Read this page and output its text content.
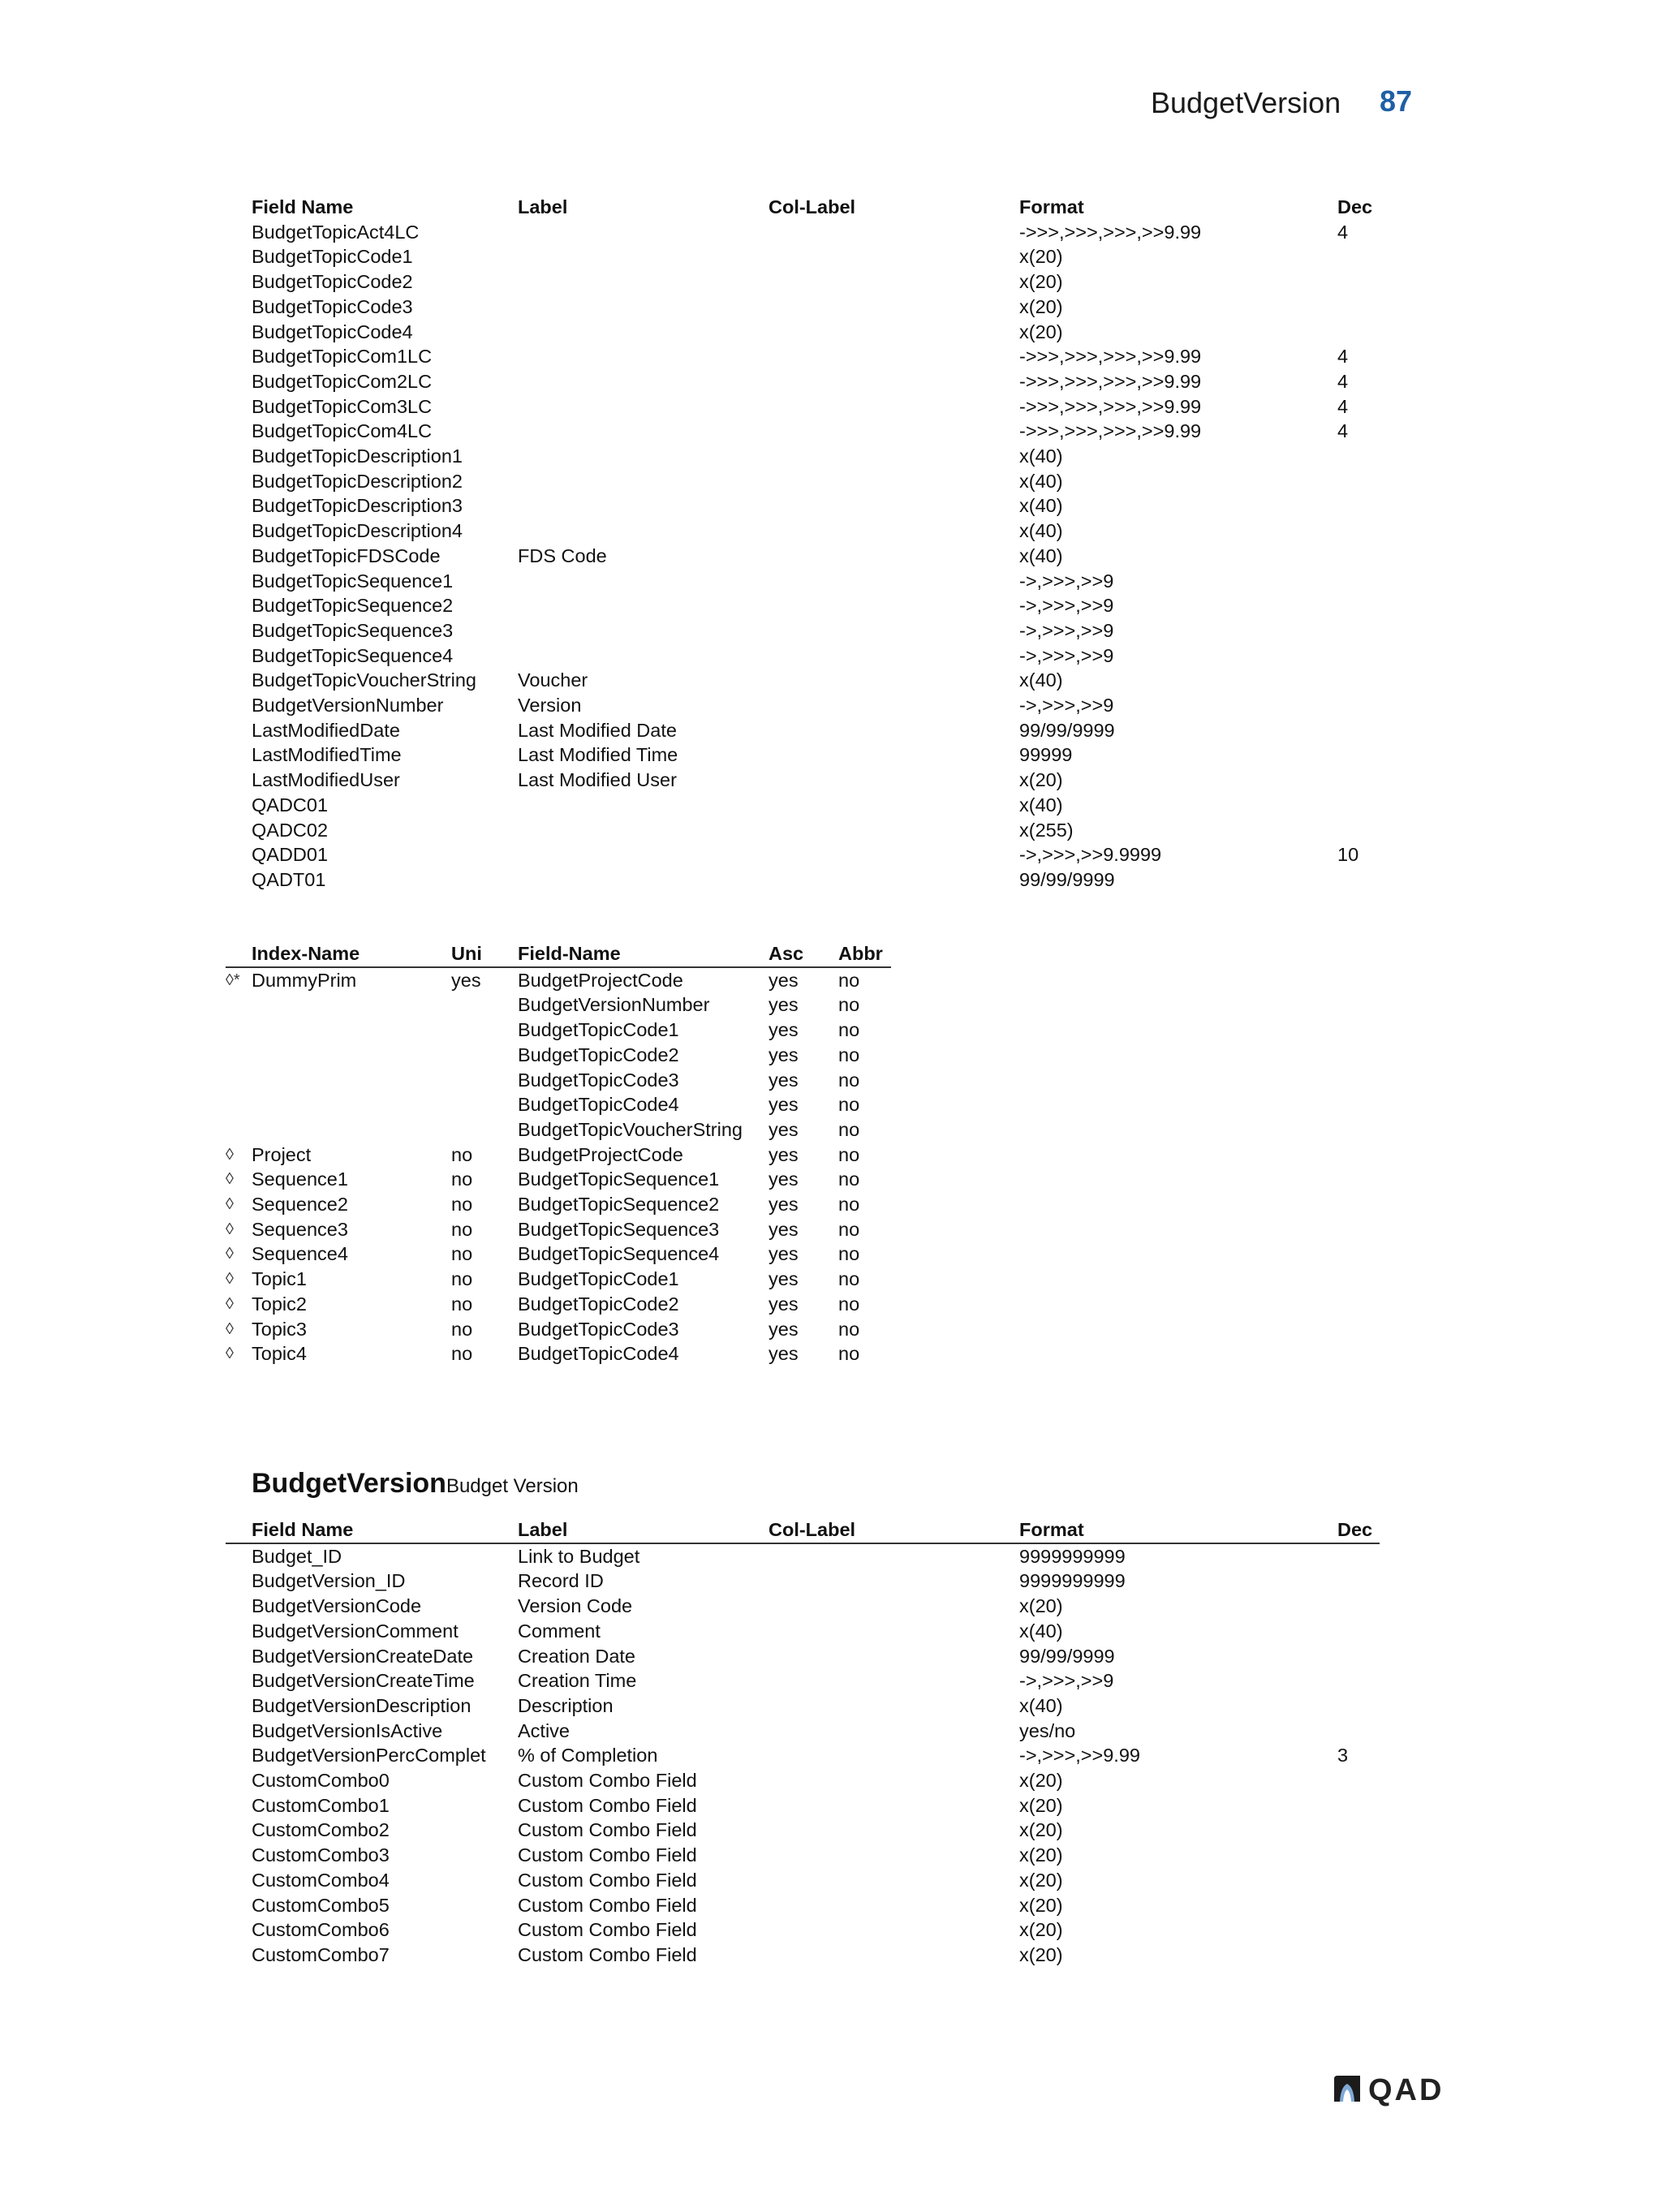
BudgetVersion 87
	Field Name	Label	Col-Label	Format	Dec
	BudgetTopicAct4LC			->>>,>>>,>>>,>>9.99	4
	BudgetTopicCode1			x(20)	
	BudgetTopicCode2			x(20)	
	BudgetTopicCode3			x(20)	
	BudgetTopicCode4			x(20)	
	BudgetTopicCom1LC			->>>,>>>,>>>,>>9.99	4
	BudgetTopicCom2LC			->>>,>>>,>>>,>>9.99	4
	BudgetTopicCom3LC			->>>,>>>,>>>,>>9.99	4
	BudgetTopicCom4LC			->>>,>>>,>>>,>>9.99	4
	BudgetTopicDescription1			x(40)	
	BudgetTopicDescription2			x(40)	
	BudgetTopicDescription3			x(40)	
	BudgetTopicDescription4			x(40)	
	BudgetTopicFDSCode	FDS Code		x(40)	
	BudgetTopicSequence1			->,>>>,>>9	
	BudgetTopicSequence2			->,>>>,>>9	
	BudgetTopicSequence3			->,>>>,>>9	
	BudgetTopicSequence4			->,>>>,>>9	
	BudgetTopicVoucherString	Voucher		x(40)	
	BudgetVersionNumber	Version		->,>>>,>>9	
	LastModifiedDate	Last Modified Date		99/99/9999	
	LastModifiedTime	Last Modified Time		99999	
	LastModifiedUser	Last Modified User		x(20)	
	QADC01			x(40)	
	QADC02			x(255)	
	QADD01			->,>>>,>>9.9999	10
	QADT01			99/99/9999	
	Index-Name	Uni	Field-Name	Asc	Abbr
◊*	DummyPrim	yes	BudgetProjectCode	yes	no
			BudgetVersionNumber	yes	no
			BudgetTopicCode1	yes	no
			BudgetTopicCode2	yes	no
			BudgetTopicCode3	yes	no
			BudgetTopicCode4	yes	no
			BudgetTopicVoucherString	yes	no
◊	Project	no	BudgetProjectCode	yes	no
◊	Sequence1	no	BudgetTopicSequence1	yes	no
◊	Sequence2	no	BudgetTopicSequence2	yes	no
◊	Sequence3	no	BudgetTopicSequence3	yes	no
◊	Sequence4	no	BudgetTopicSequence4	yes	no
◊	Topic1	no	BudgetTopicCode1	yes	no
◊	Topic2	no	BudgetTopicCode2	yes	no
◊	Topic3	no	BudgetTopicCode3	yes	no
◊	Topic4	no	BudgetTopicCode4	yes	no
BudgetVersionBudget Version
	Field Name	Label	Col-Label	Format	Dec
	Budget_ID	Link to Budget		9999999999	
	BudgetVersion_ID	Record ID		9999999999	
	BudgetVersionCode	Version Code		x(20)	
	BudgetVersionComment	Comment		x(40)	
	BudgetVersionCreateDate	Creation Date		99/99/9999	
	BudgetVersionCreateTime	Creation Time		->,>>>,>>9	
	BudgetVersionDescription	Description		x(40)	
	BudgetVersionIsActive	Active		yes/no	
	BudgetVersionPercComplet	% of Completion		->,>>>,>>9.99	3
	CustomCombo0	Custom Combo Field		x(20)	
	CustomCombo1	Custom Combo Field		x(20)	
	CustomCombo2	Custom Combo Field		x(20)	
	CustomCombo3	Custom Combo Field		x(20)	
	CustomCombo4	Custom Combo Field		x(20)	
	CustomCombo5	Custom Combo Field		x(20)	
	CustomCombo6	Custom Combo Field		x(20)	
	CustomCombo7	Custom Combo Field		x(20)	
QAD
